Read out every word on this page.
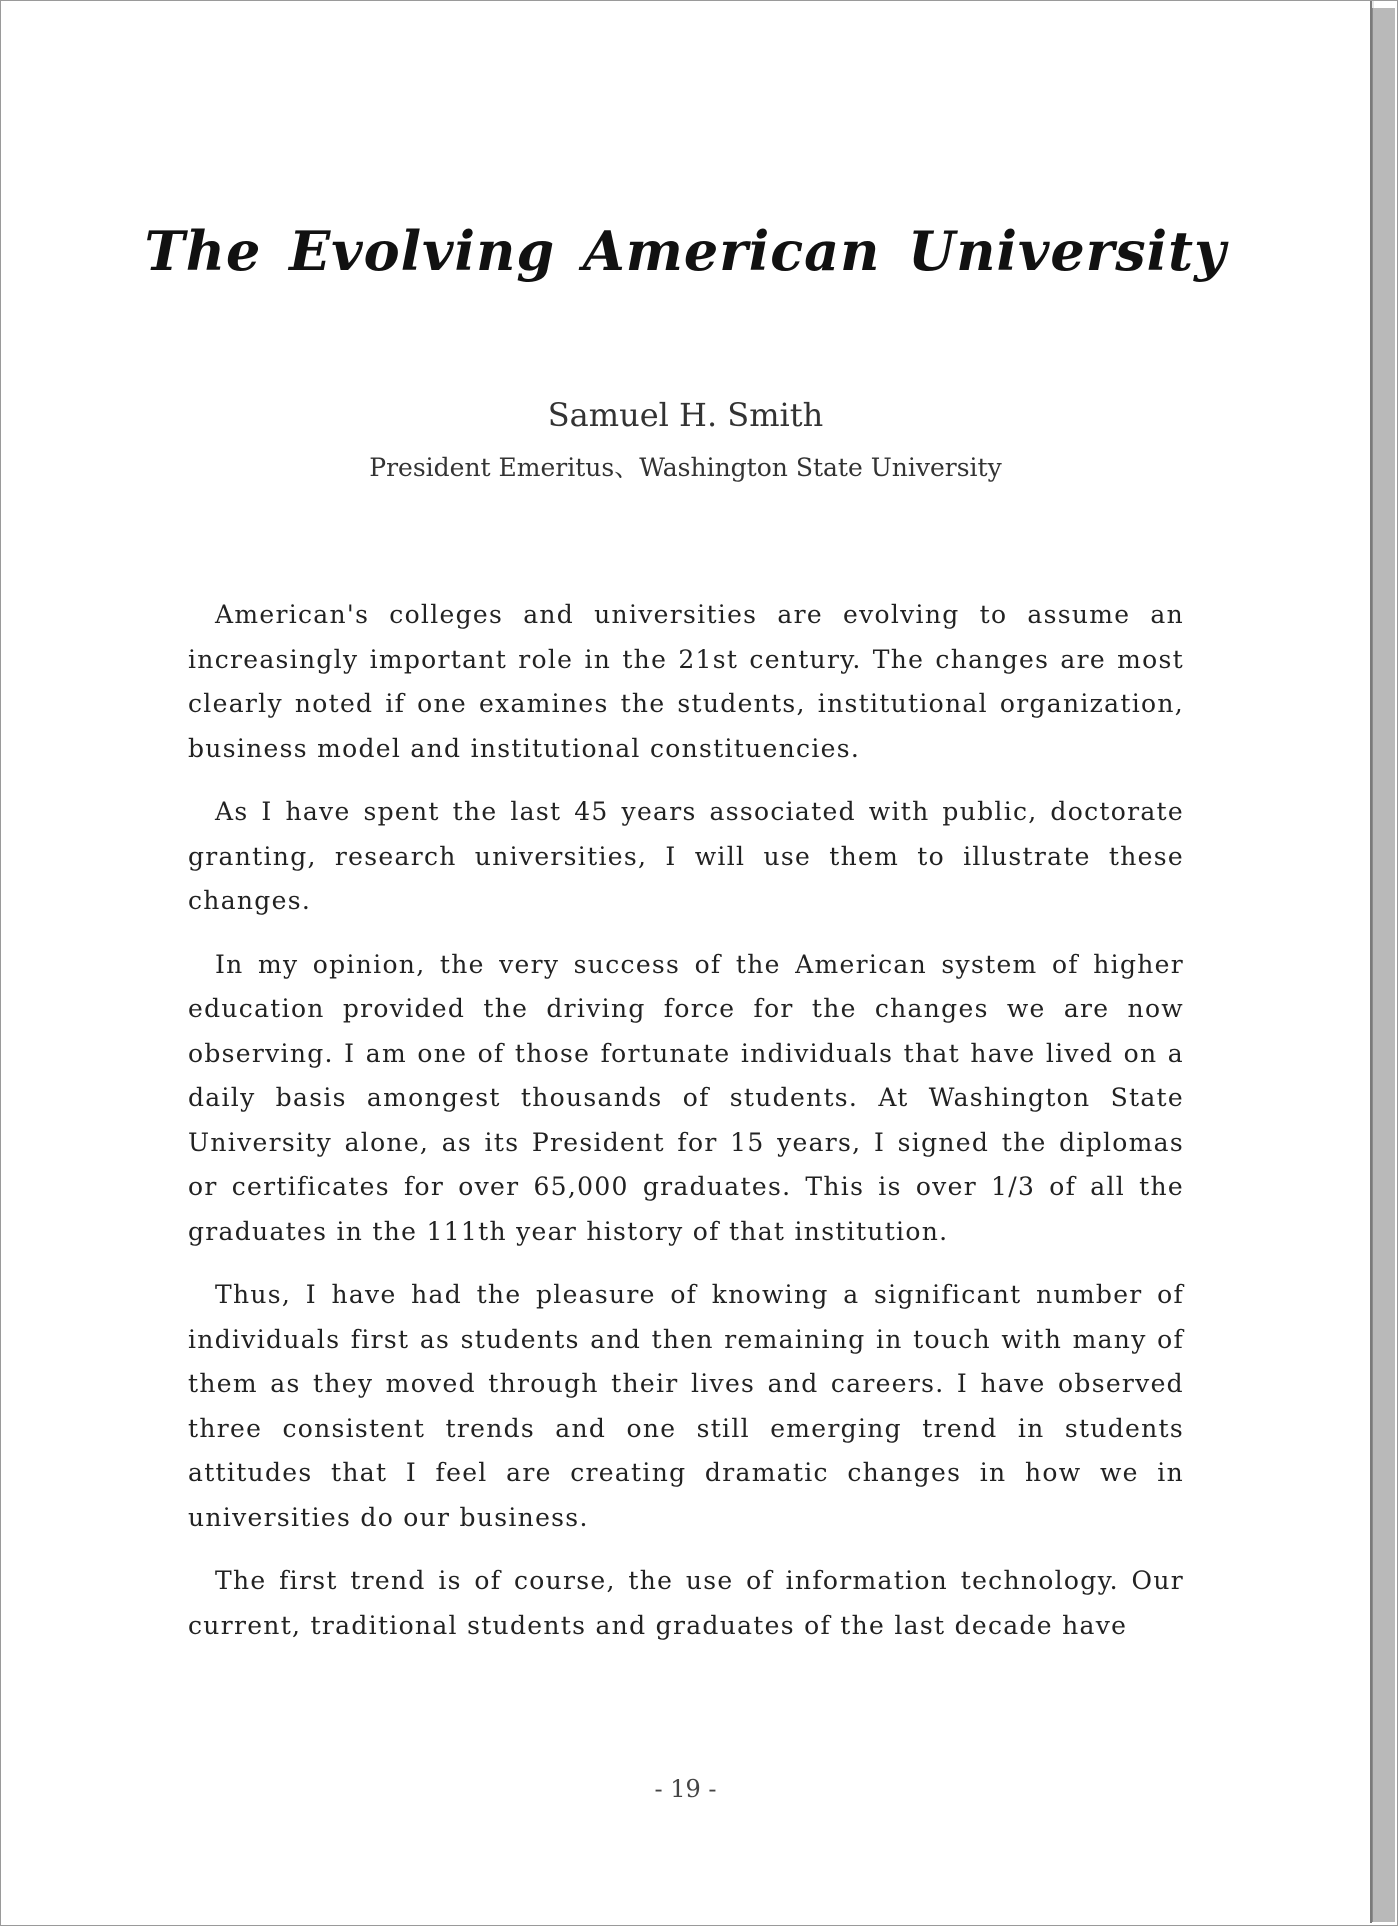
The Evolving American University

Samuel H. Smith

President Emeritus、Washington State University

American's colleges and universities are evolving to assume an increasingly important role in the 21st century. The changes are most clearly noted if one examines the students, institutional organization, business model and institutional constituencies.

As I have spent the last 45 years associated with public, doctorate granting, research universities, I will use them to illustrate these changes.

In my opinion, the very success of the American system of higher education provided the driving force for the changes we are now observing. I am one of those fortunate individuals that have lived on a daily basis amongest thousands of students. At Washington State University alone, as its President for 15 years, I signed the diplomas or certificates for over 65,000 graduates. This is over 1/3 of all the graduates in the 111th year history of that institution.

Thus, I have had the pleasure of knowing a significant number of individuals first as students and then remaining in touch with many of them as they moved through their lives and careers. I have observed three consistent trends and one still emerging trend in students attitudes that I feel are creating dramatic changes in how we in universities do our business.

The first trend is of course, the use of information technology. Our current, traditional students and graduates of the last decade have

- 19 -
